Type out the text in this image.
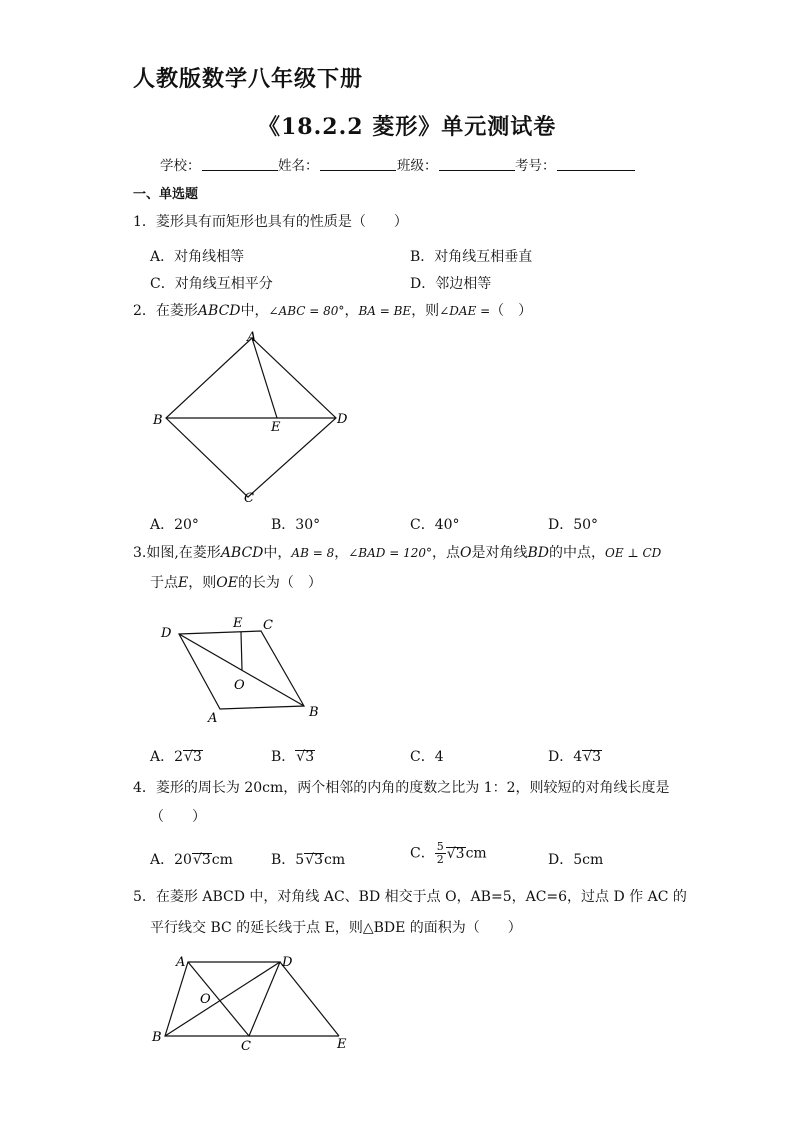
人教版数学八年级下册
《18.2.2 菱形》单元测试卷
学校：	姓名：	班级：	考号：
一、单选题
1．菱形具有而矩形也具有的性质是（　　）
A．对角线相等	B．对角线互相垂直
C．对角线互相平分	D．邻边相等
2．在菱形ABCD中，∠ABC = 80°，BA = BE，则∠DAE =（　）
A
B
C
D
E
A．20°	B．30°	C．40°	D．50°
3.如图,在菱形ABCD中，AB = 8，∠BAD = 120°，点O是对角线BD的中点，OE ⊥ CD
于点E，则OE的长为（　）
D
E C
O
A	B
A．2√3	B．√3	C．4	D．4√3
4．菱形的周长为 20cm，两个相邻的内角的度数之比为 1：2，则较短的对角线长度是
（　　）
A．20√3cm	B．5√3cm	C． $\frac{5}{2} √3cm$	D．5cm
5．在菱形 ABCD 中，对角线 AC、BD 相交于点 O，AB=5，AC=6，过点 D 作 AC 的
平行线交 BC 的延长线于点 E，则△BDE 的面积为（　　）
A	D
O
B
C	E
